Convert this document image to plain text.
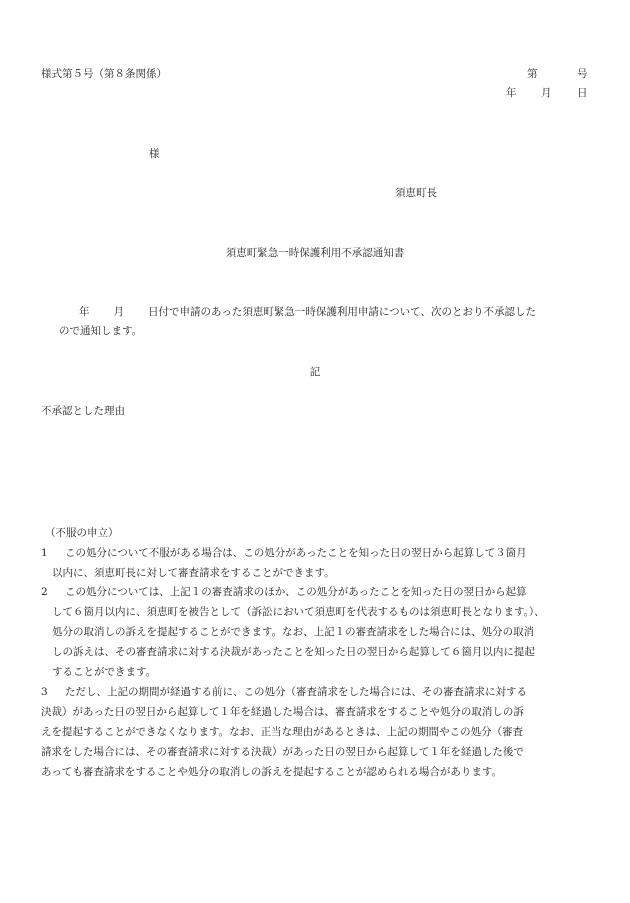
様式第５号（第８条関係）	第	号
年 月 日
様
須恵町長
須恵町緊急一時保護利用不承認通知書
年 月 日付で申請のあった須恵町緊急一時保護利用申請について、次のとおり不承認した
ので通知します。
記
不承認とした理由
（不服の申立）
1 この処分について不服がある場合は、この処分があったことを知った日の翌日から起算して３箇月
以内に、須恵町長に対して審査請求をすることができます。
2 この処分については、上記１の審査請求のほか、この処分があったことを知った日の翌日から起算
して６箇月以内に、須恵町を被告として（訴訟において須恵町を代表するものは須恵町長となります。）、
処分の取消しの訴えを提起することができます。なお、上記１の審査請求をした場合には、処分の取消
しの訴えは、その審査請求に対する決裁があったことを知った日の翌日から起算して６箇月以内に提起
することができます。
3 ただし、上記の期間が経過する前に、この処分（審査請求をした場合には、その審査請求に対する
決裁）があった日の翌日から起算して１年を経過した場合は、審査請求をすることや処分の取消しの訴
えを提起することができなくなります。なお、正当な理由があるときは、上記の期間やこの処分（審査
請求をした場合には、その審査請求に対する決裁）があった日の翌日から起算して１年を経過した後で
あっても審査請求をすることや処分の取消しの訴えを提起することが認められる場合があります。
